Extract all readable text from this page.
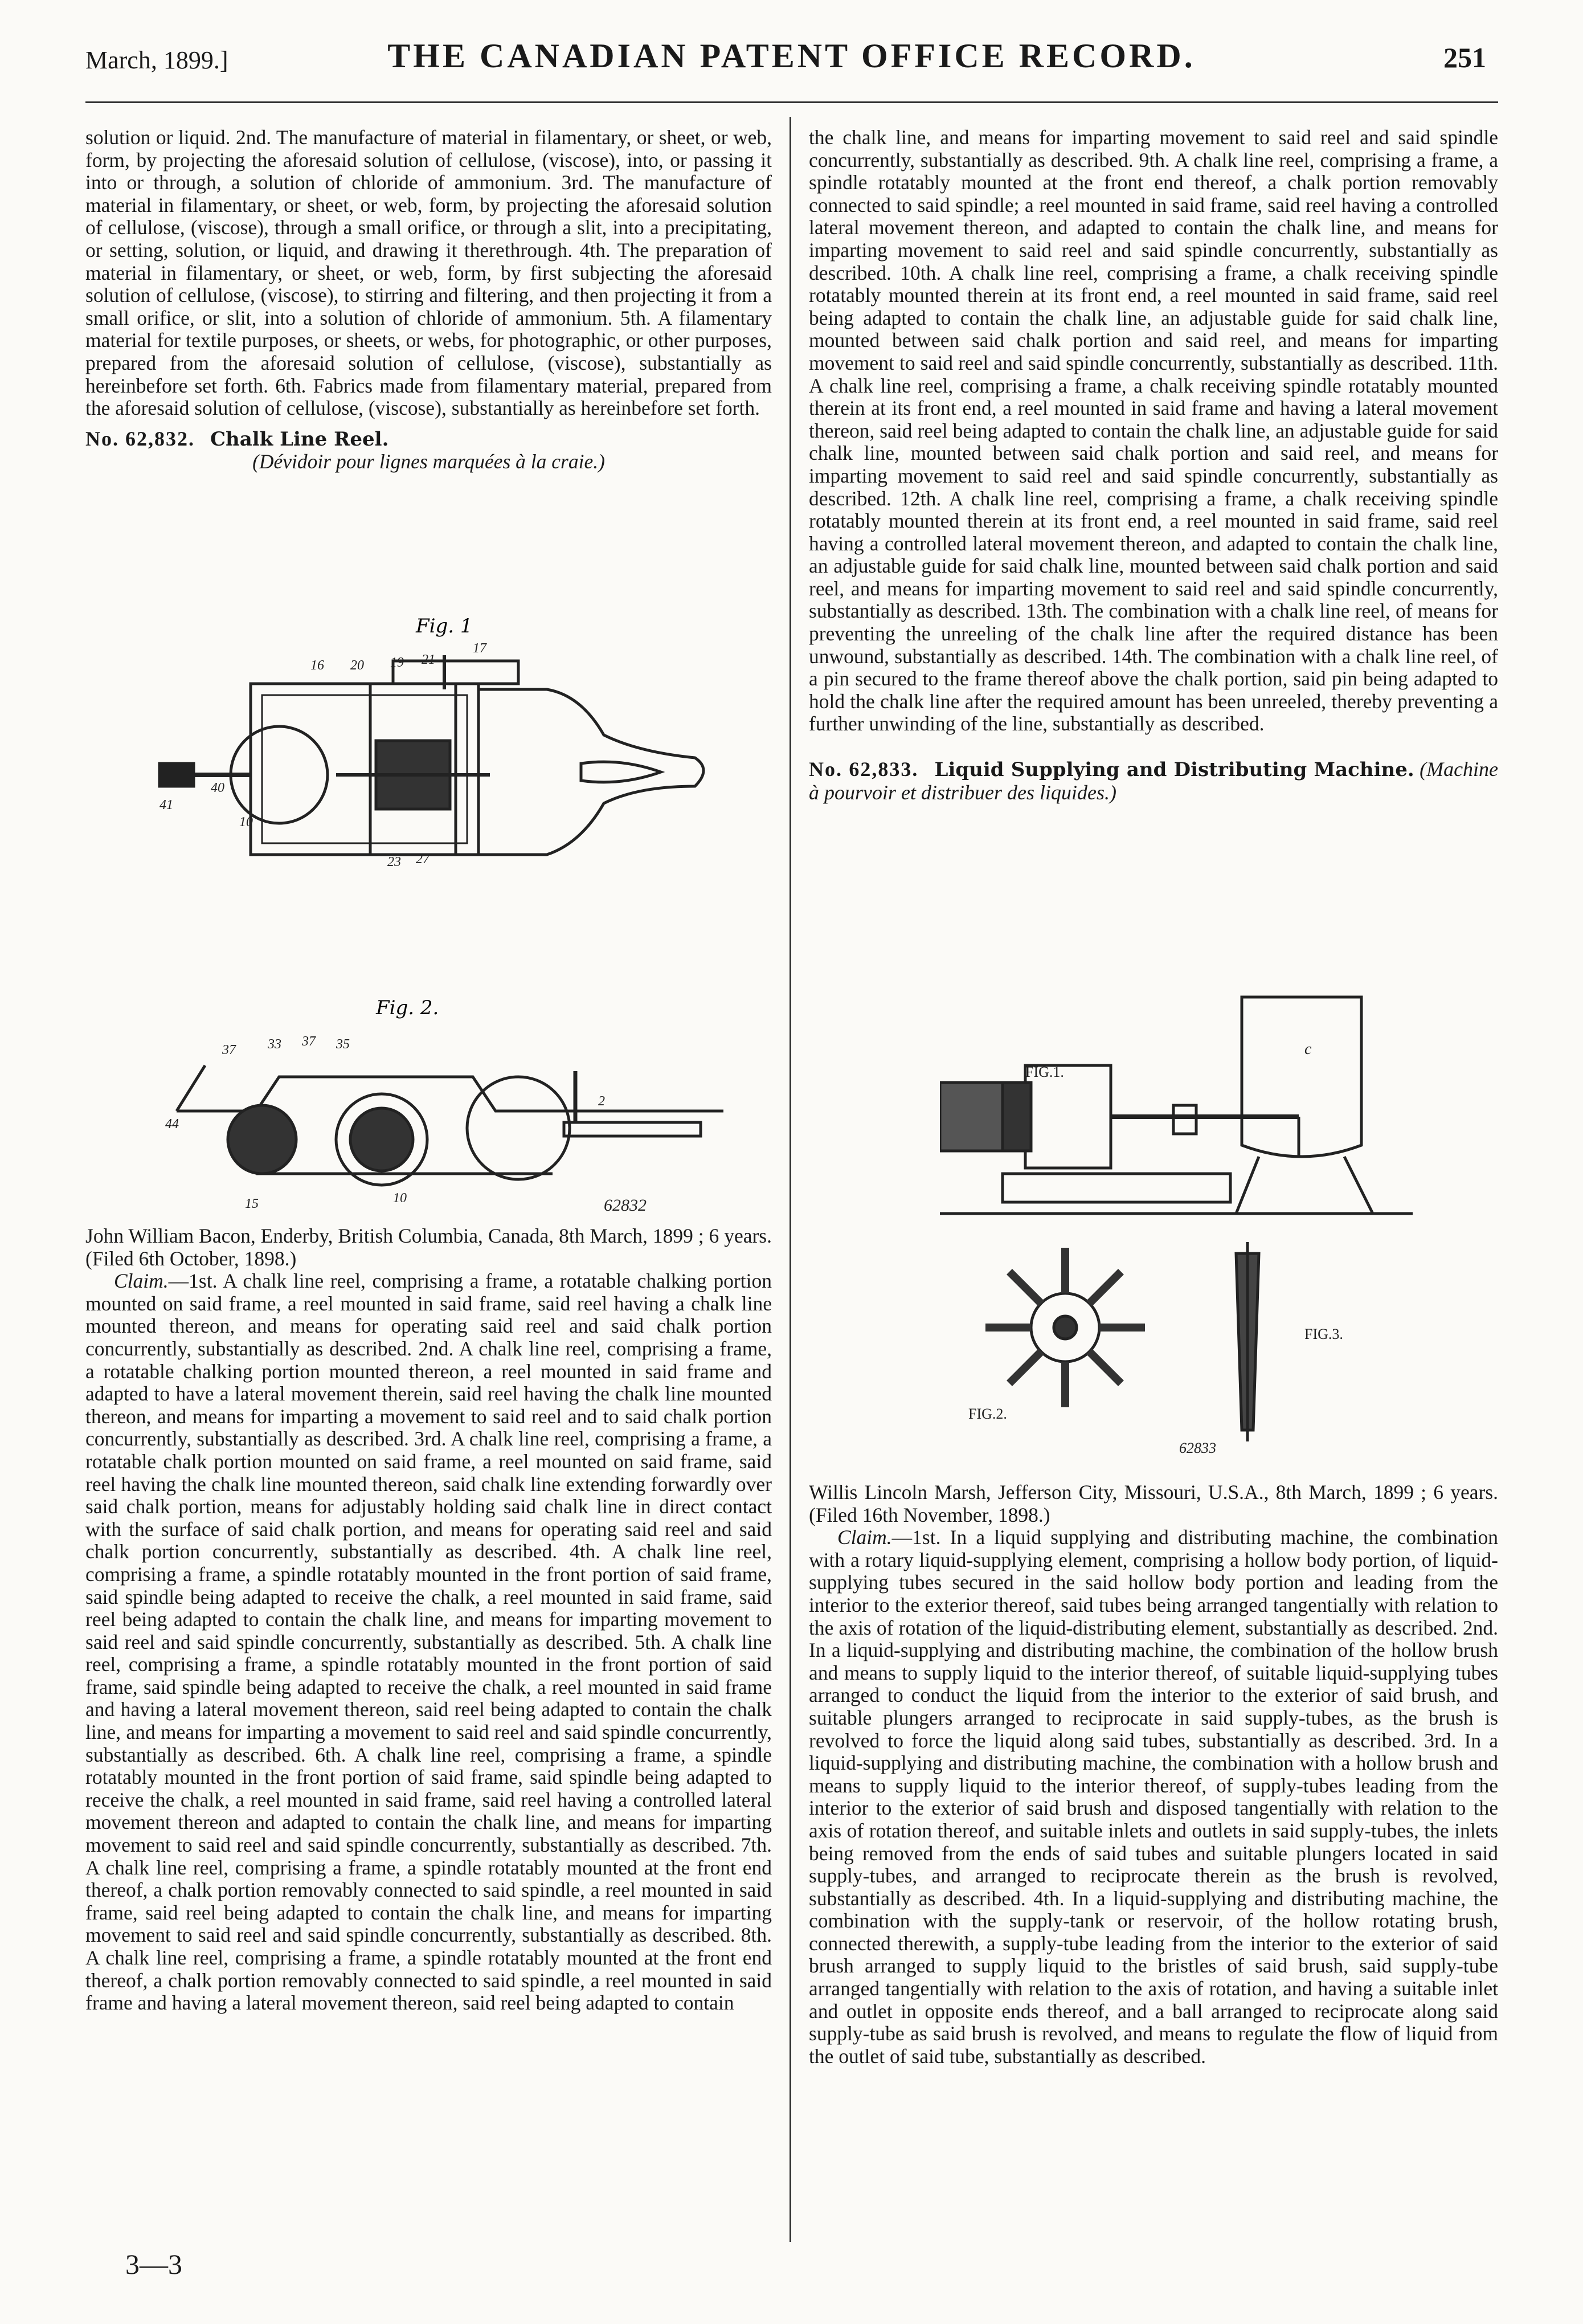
March, 1899.]	THE CANADIAN PATENT OFFICE RECORD.	251

solution or liquid. 2nd. The manufacture of material in filamentary, or sheet, or web, form, by projecting the aforesaid solution of cellulose, (viscose), into, or passing it into or through, a solution of chloride of ammonium. 3rd. The manufacture of material in filamentary, or sheet, or web, form, by projecting the aforesaid solution of cellulose, (viscose), through a small orifice, or through a slit, into a precipitating, or setting, solution, or liquid, and drawing it therethrough. 4th. The preparation of material in filamentary, or sheet, or web, form, by first subjecting the aforesaid solution of cellulose, (viscose), to stirring and filtering, and then projecting it from a small orifice, or slit, into a solution of chloride of ammonium. 5th. A filamentary material for textile purposes, or sheets, or webs, for photographic, or other purposes, prepared from the aforesaid solution of cellulose, (viscose), substantially as hereinbefore set forth. 6th. Fabrics made from filamentary material, prepared from the aforesaid solution of cellulose, (viscose), substantially as hereinbefore set forth.

No. 62,832. Chalk Line Reel.

(Dévidoir pour lignes marquées à la craie.)

Fig. 1
16 20 19 21
17
40
41
10
23 27
Fig. 2.
37 33 37 35
44
15	10
2
62832

John William Bacon, Enderby, British Columbia, Canada, 8th March, 1899 ; 6 years. (Filed 6th October, 1898.)

Claim.—1st. A chalk line reel, comprising a frame, a rotatable chalking portion mounted on said frame, a reel mounted in said frame, said reel having a chalk line mounted thereon, and means for operating said reel and said chalk portion concurrently, substantially as described. 2nd. A chalk line reel, comprising a frame, a rotatable chalking portion mounted thereon, a reel mounted in said frame and adapted to have a lateral movement therein, said reel having the chalk line mounted thereon, and means for imparting a movement to said reel and to said chalk portion concurrently, substantially as described. 3rd. A chalk line reel, comprising a frame, a rotatable chalk portion mounted on said frame, a reel mounted on said frame, said reel having the chalk line mounted thereon, said chalk line extending forwardly over said chalk portion, means for adjustably holding said chalk line in direct contact with the surface of said chalk portion, and means for operating said reel and said chalk portion concurrently, substantially as described. 4th. A chalk line reel, comprising a frame, a spindle rotatably mounted in the front portion of said frame, said spindle being adapted to receive the chalk, a reel mounted in said frame, said reel being adapted to contain the chalk line, and means for imparting movement to said reel and said spindle concurrently, substantially as described. 5th. A chalk line reel, comprising a frame, a spindle rotatably mounted in the front portion of said frame, said spindle being adapted to receive the chalk, a reel mounted in said frame and having a lateral movement thereon, said reel being adapted to contain the chalk line, and means for imparting a movement to said reel and said spindle concurrently, substantially as described. 6th. A chalk line reel, comprising a frame, a spindle rotatably mounted in the front portion of said frame, said spindle being adapted to receive the chalk, a reel mounted in said frame, said reel having a controlled lateral movement thereon and adapted to contain the chalk line, and means for imparting movement to said reel and said spindle concurrently, substantially as described. 7th. A chalk line reel, comprising a frame, a spindle rotatably mounted at the front end thereof, a chalk portion removably connected to said spindle, a reel mounted in said frame, said reel being adapted to contain the chalk line, and means for imparting movement to said reel and said spindle concurrently, substantially as described. 8th. A chalk line reel, comprising a frame, a spindle rotatably mounted at the front end thereof, a chalk portion removably connected to said spindle, a reel mounted in said frame and having a lateral movement thereon, said reel being adapted to contain

the chalk line, and means for imparting movement to said reel and said spindle concurrently, substantially as described. 9th. A chalk line reel, comprising a frame, a spindle rotatably mounted at the front end thereof, a chalk portion removably connected to said spindle; a reel mounted in said frame, said reel having a controlled lateral movement thereon, and adapted to contain the chalk line, and means for imparting movement to said reel and said spindle concurrently, substantially as described. 10th. A chalk line reel, comprising a frame, a chalk receiving spindle rotatably mounted therein at its front end, a reel mounted in said frame, said reel being adapted to contain the chalk line, an adjustable guide for said chalk line, mounted between said chalk portion and said reel, and means for imparting movement to said reel and said spindle concurrently, substantially as described. 11th. A chalk line reel, comprising a frame, a chalk receiving spindle rotatably mounted therein at its front end, a reel mounted in said frame and having a lateral movement thereon, said reel being adapted to contain the chalk line, an adjustable guide for said chalk line, mounted between said chalk portion and said reel, and means for imparting movement to said reel and said spindle concurrently, substantially as described. 12th. A chalk line reel, comprising a frame, a chalk receiving spindle rotatably mounted therein at its front end, a reel mounted in said frame, said reel having a controlled lateral movement thereon, and adapted to contain the chalk line, an adjustable guide for said chalk line, mounted between said chalk portion and said reel, and means for imparting movement to said reel and said spindle concurrently, substantially as described. 13th. The combination with a chalk line reel, of means for preventing the unreeling of the chalk line after the required distance has been unwound, substantially as described. 14th. The combination with a chalk line reel, of a pin secured to the frame thereof above the chalk portion, said pin being adapted to hold the chalk line after the required amount has been unreeled, thereby preventing a further unwinding of the line, substantially as described.

No. 62,833. Liquid Supplying and Distributing Machine. (Machine à pourvoir et distribuer des liquides.)

FIG.1.
FIG.2.
FIG.3.
c
62833

Willis Lincoln Marsh, Jefferson City, Missouri, U.S.A., 8th March, 1899 ; 6 years. (Filed 16th November, 1898.)

Claim.—1st. In a liquid supplying and distributing machine, the combination with a rotary liquid-supplying element, comprising a hollow body portion, of liquid-supplying tubes secured in the said hollow body portion and leading from the interior to the exterior thereof, said tubes being arranged tangentially with relation to the axis of rotation of the liquid-distributing element, substantially as described. 2nd. In a liquid-supplying and distributing machine, the combination of the hollow brush and means to supply liquid to the interior thereof, of suitable liquid-supplying tubes arranged to conduct the liquid from the interior to the exterior of said brush, and suitable plungers arranged to reciprocate in said supply-tubes, as the brush is revolved to force the liquid along said tubes, substantially as described. 3rd. In a liquid-supplying and distributing machine, the combination with a hollow brush and means to supply liquid to the interior thereof, of supply-tubes leading from the interior to the exterior of said brush and disposed tangentially with relation to the axis of rotation thereof, and suitable inlets and outlets in said supply-tubes, the inlets being removed from the ends of said tubes and suitable plungers located in said supply-tubes, and arranged to reciprocate therein as the brush is revolved, substantially as described. 4th. In a liquid-supplying and distributing machine, the combination with the supply-tank or reservoir, of the hollow rotating brush, connected therewith, a supply-tube leading from the interior to the exterior of said brush arranged to supply liquid to the bristles of said brush, said supply-tube arranged tangentially with relation to the axis of rotation, and having a suitable inlet and outlet in opposite ends thereof, and a ball arranged to reciprocate along said supply-tube as said brush is revolved, and means to regulate the flow of liquid from the outlet of said tube, substantially as described.

3—3
